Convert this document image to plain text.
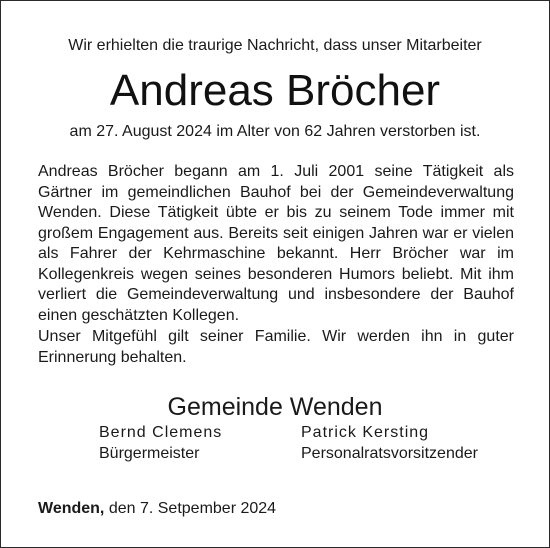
Wir erhielten die traurige Nachricht, dass unser Mitarbeiter
Andreas Bröcher
am 27. August 2024 im Alter von 62 Jahren verstorben ist.
Andreas Bröcher begann am 1. Juli 2001 seine Tätigkeit als Gärtner im gemeindlichen Bauhof bei der Gemeindeverwaltung Wenden. Diese Tätigkeit übte er bis zu seinem Tode immer mit großem Engagement aus. Bereits seit einigen Jahren war er vielen als Fahrer der Kehrmaschine bekannt. Herr Bröcher war im Kollegenkreis wegen seines besonderen Humors beliebt. Mit ihm verliert die Gemeindeverwaltung und insbesondere der Bauhof einen geschätzten Kollegen.
Unser Mitgefühl gilt seiner Familie. Wir werden ihn in guter Erinnerung behalten.
Gemeinde Wenden
Bernd Clemens
Bürgermeister
Patrick Kersting
Personalratsvorsitzender
Wenden, den 7. Setpember 2024
